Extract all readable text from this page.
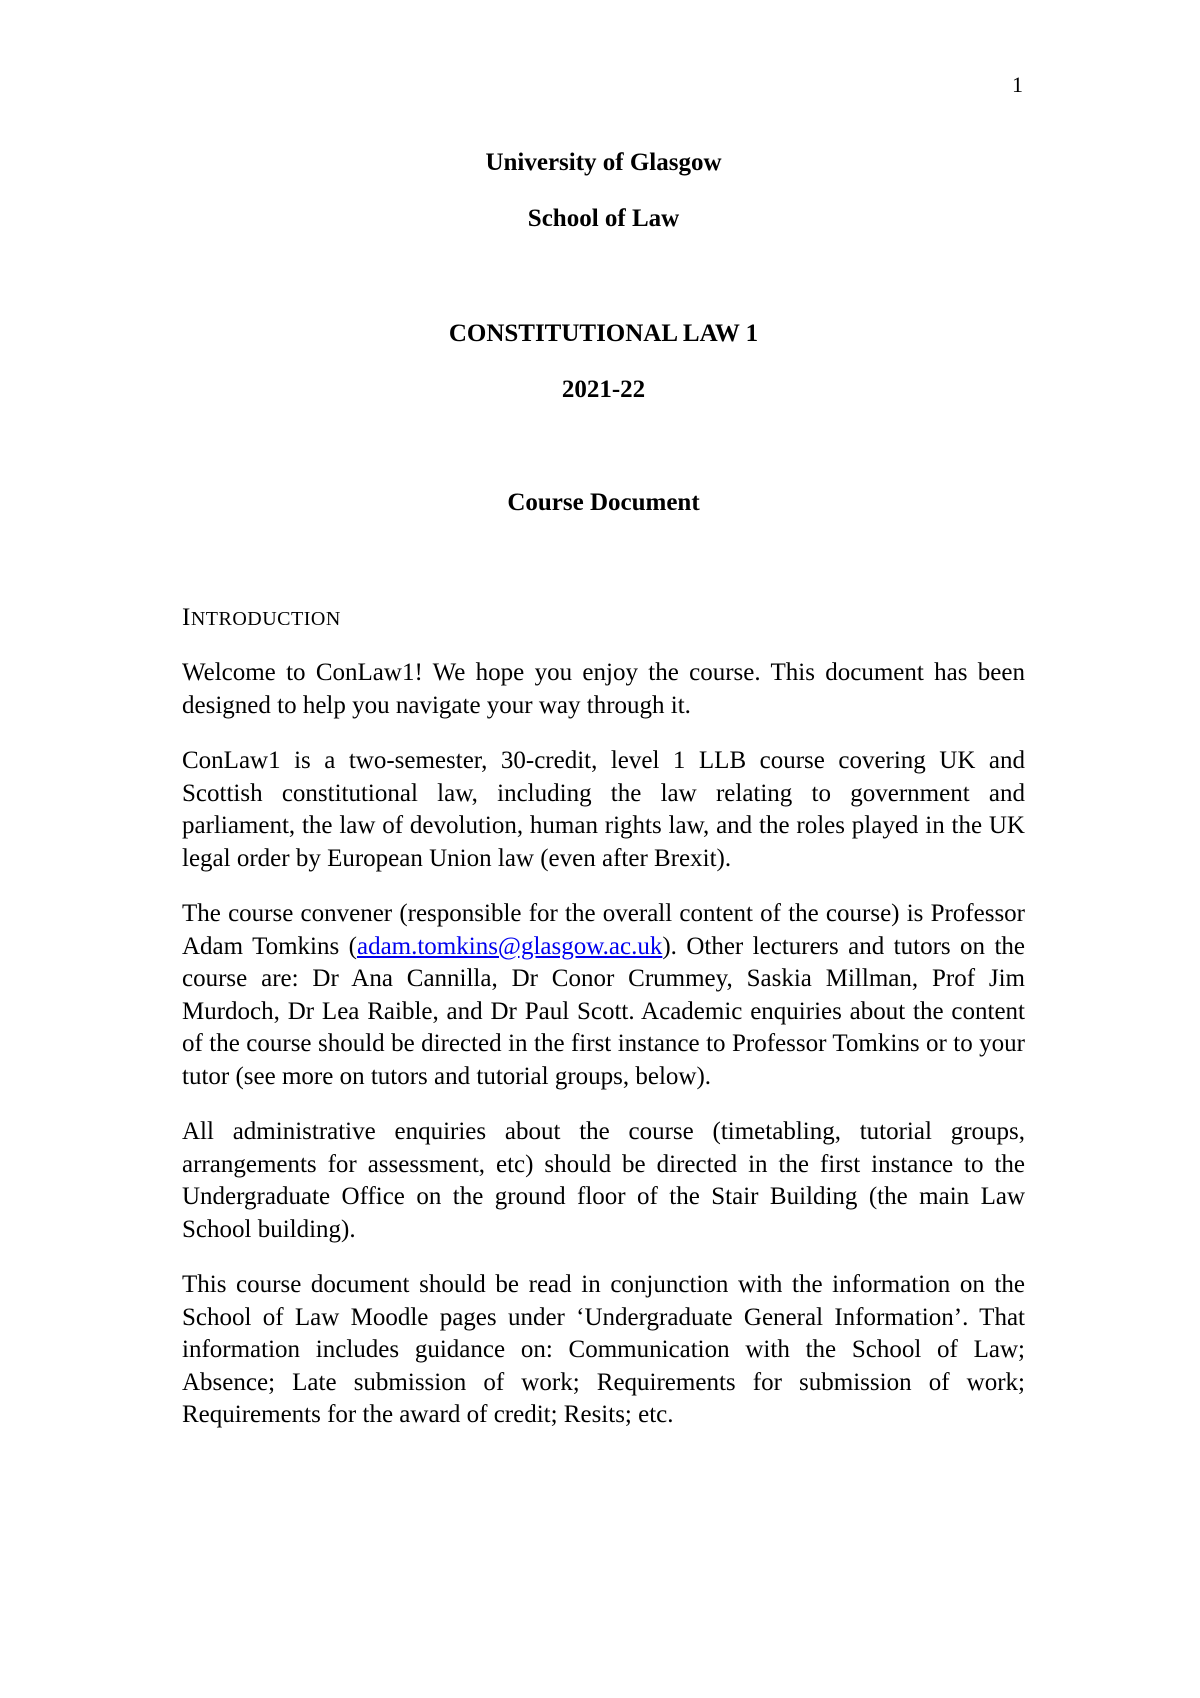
1
University of Glasgow
School of Law
CONSTITUTIONAL LAW 1
2021-22
Course Document
INTRODUCTION

Welcome to ConLaw1! We hope you enjoy the course. This document has been designed to help you navigate your way through it.

ConLaw1 is a two-semester, 30-credit, level 1 LLB course covering UK and Scottish constitutional law, including the law relating to government and parliament, the law of devolution, human rights law, and the roles played in the UK legal order by European Union law (even after Brexit).

The course convener (responsible for the overall content of the course) is Professor Adam Tomkins (adam.tomkins@glasgow.ac.uk). Other lecturers and tutors on the course are: Dr Ana Cannilla, Dr Conor Crummey, Saskia Millman, Prof Jim Murdoch, Dr Lea Raible, and Dr Paul Scott. Academic enquiries about the content of the course should be directed in the first instance to Professor Tomkins or to your tutor (see more on tutors and tutorial groups, below).

All administrative enquiries about the course (timetabling, tutorial groups, arrangements for assessment, etc) should be directed in the first instance to the Undergraduate Office on the ground floor of the Stair Building (the main Law School building).

This course document should be read in conjunction with the information on the School of Law Moodle pages under ‘Undergraduate General Information’. That information includes guidance on: Communication with the School of Law; Absence; Late submission of work; Requirements for submission of work; Requirements for the award of credit; Resits; etc.
